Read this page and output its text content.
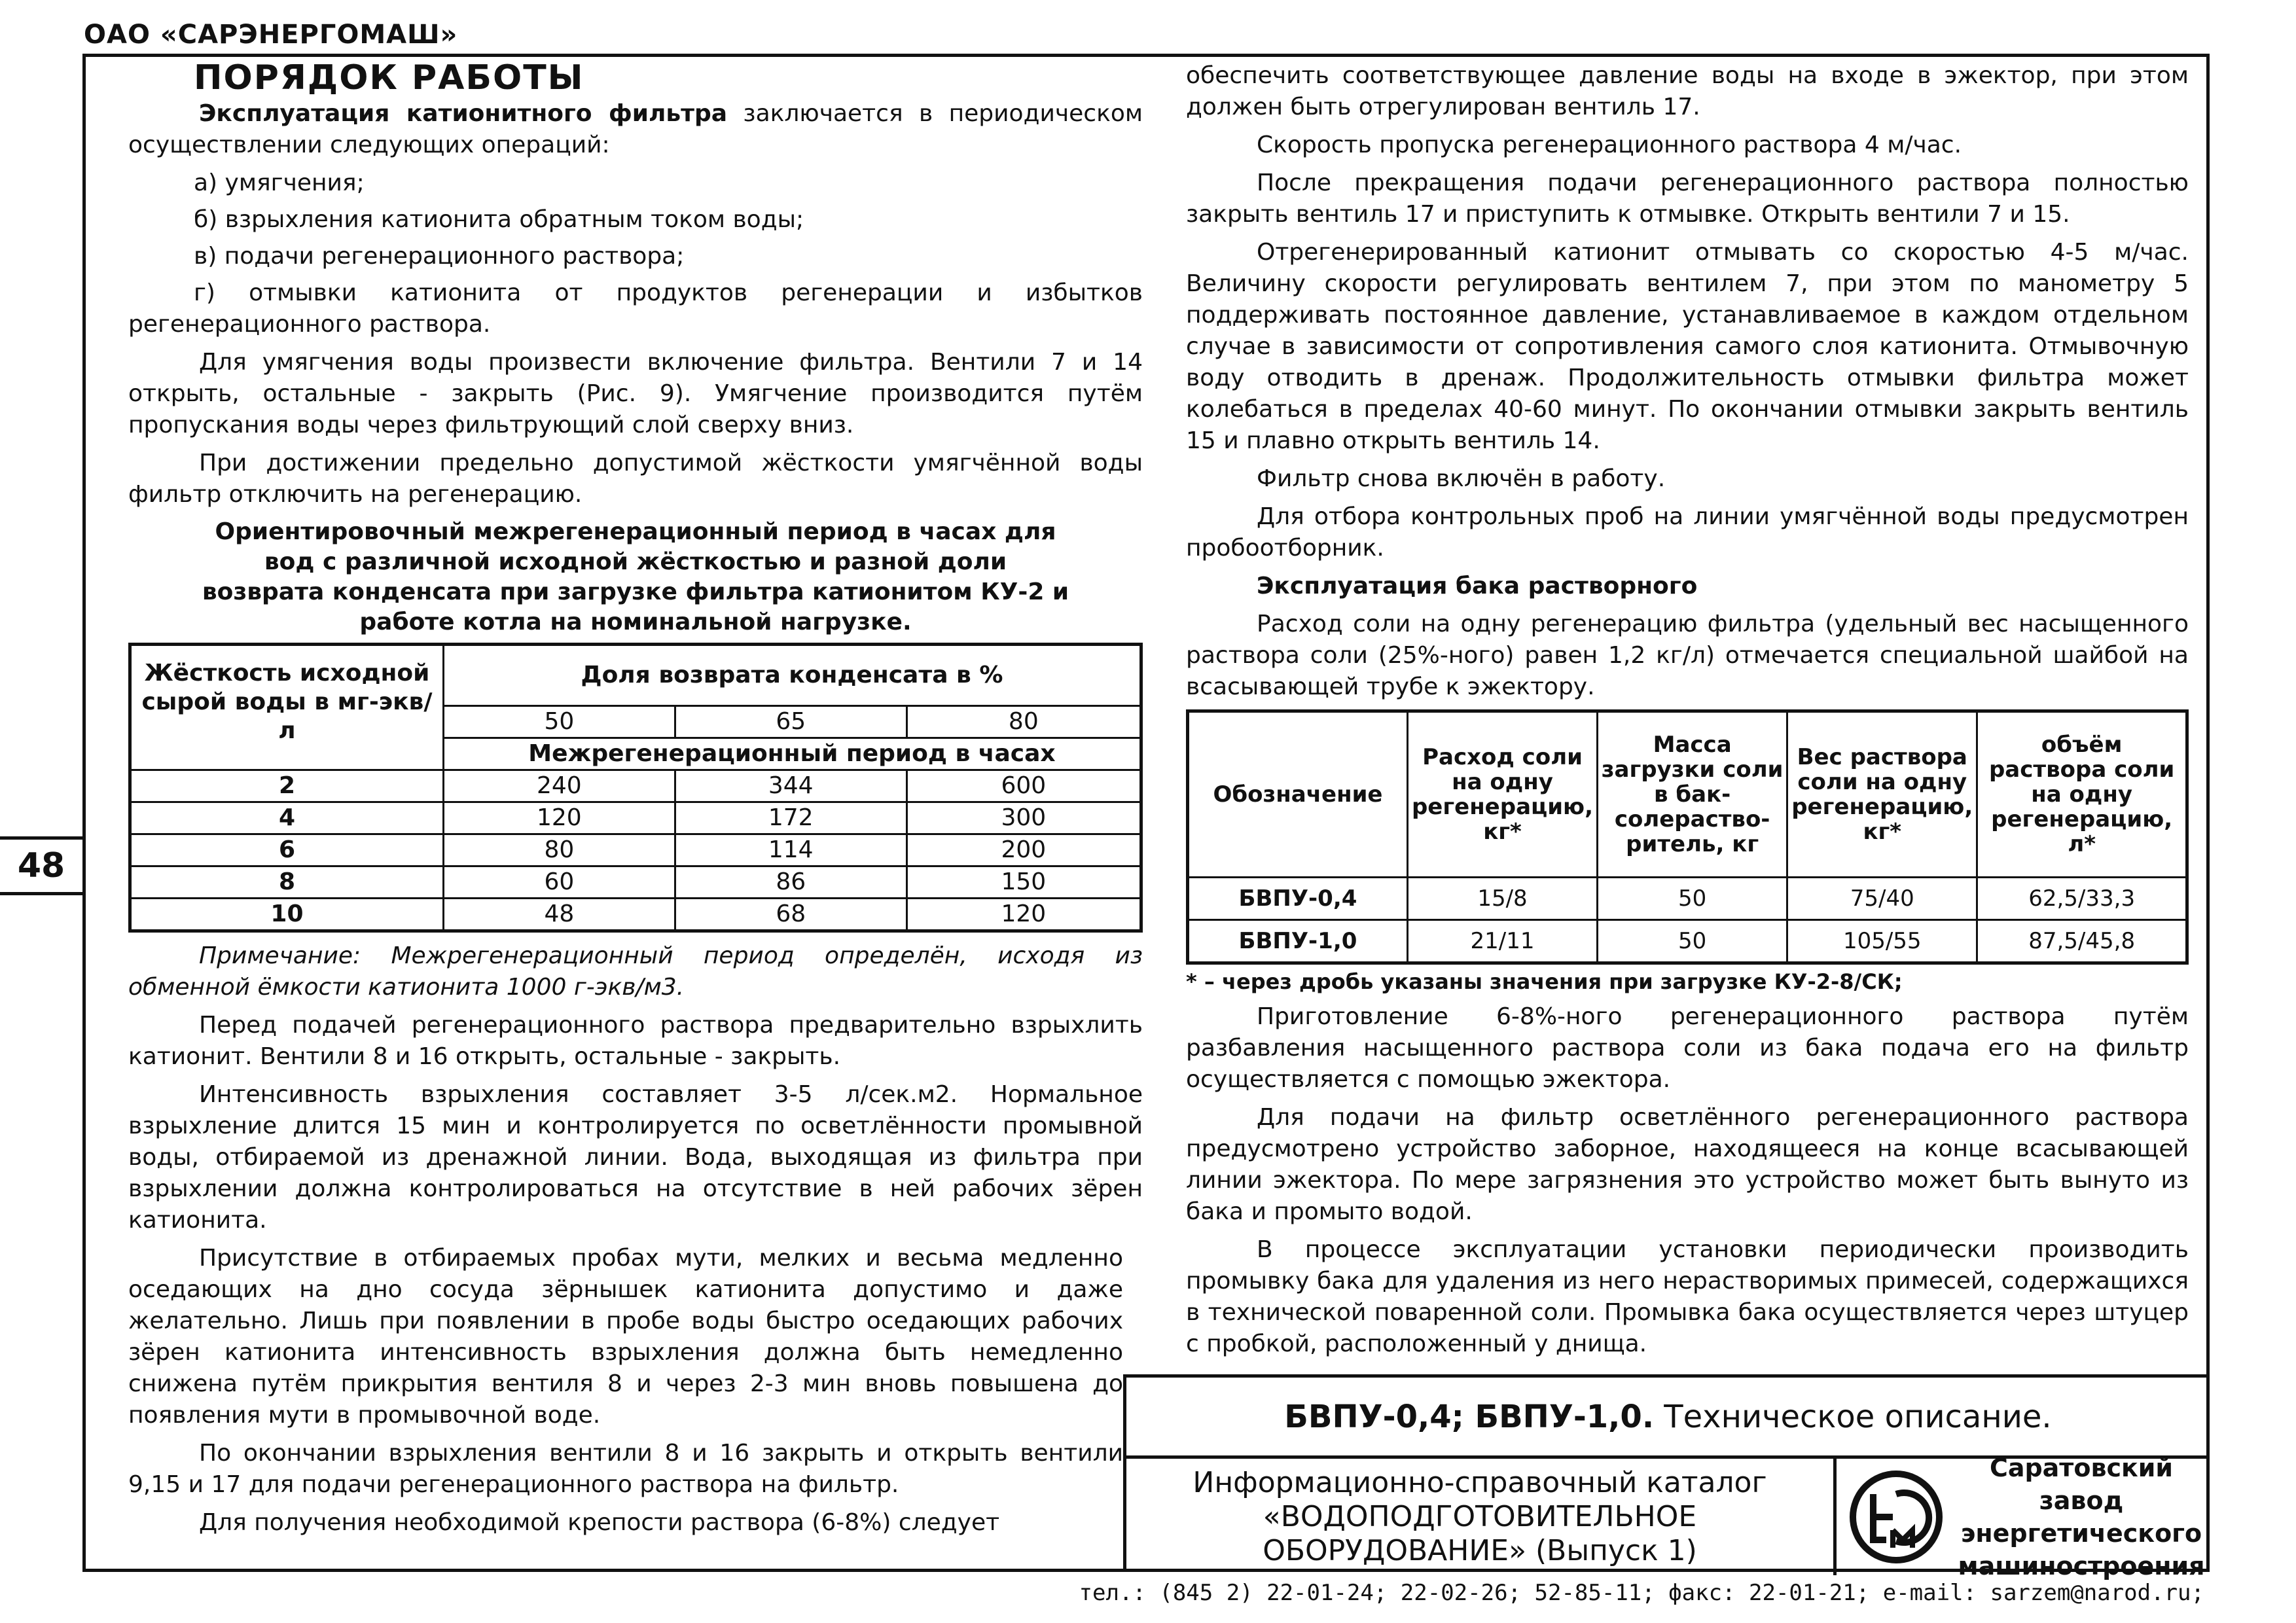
ОАО «САРЭНЕРГОМАШ»
48

ПОРЯДОК РАБОТЫ

Эксплуатация катионитного фильтра заключается в периодическом осуществлении следующих операций:

а) умягчения;

б) взрыхления катионита обратным током воды;

в) подачи регенерационного раствора;

г) отмывки катионита от продуктов регенерации и избытков регенерационного раствора.

Для умягчения воды произвести включение фильтра. Вентили 7 и 14 открыть, остальные - закрыть (Рис. 9). Умягчение производится путём пропускания воды через фильтрующий слой сверху вниз.

При достижении предельно допустимой жёсткости умягчённой воды фильтр отключить на регенерацию.

Ориентировочный межрегенерационный период в часах для вод с различной исходной жёсткостью и разной доли возврата конденсата при загрузке фильтра катионитом КУ-2 и работе котла на номинальной нагрузке.

Жёсткость исходной сырой воды в мг-экв/л	Доля возврата конденсата в %		
	50	65	80
	Межрегенерационный период в часах		
2	240	344	600
4	120	172	300
6	80	114	200
8	60	86	150
10	48	68	120

Примечание: Межрегенерационный период определён, исходя из обменной ёмкости катионита 1000 г-экв/м3.

Перед подачей регенерационного раствора предварительно взрыхлить катионит. Вентили 8 и 16 открыть, остальные - закрыть.

Интенсивность взрыхления составляет 3-5 л/сек.м2. Нормальное взрыхление длится 15 мин и контролируется по осветлённости промывной воды, отбираемой из дренажной линии. Вода, выходящая из фильтра при взрыхлении должна контролироваться на отсутствие в ней рабочих зёрен катионита.

Присутствие в отбираемых пробах мути, мелких и весьма медленно оседающих на дно сосуда зёрнышек катионита допустимо и даже желательно. Лишь при появлении в пробе воды быстро оседающих рабочих зёрен катионита интенсивность взрыхления должна быть немедленно снижена путём прикрытия вентиля 8 и через 2-3 мин вновь повышена до появления мути в промывочной воде.

По окончании взрыхления вентили 8 и 16 закрыть и открыть вентили 9,15 и 17 для подачи регенерационного раствора на фильтр.

Для получения необходимой крепости раствора (6-8%) следует

обеспечить соответствующее давление воды на входе в эжектор, при этом должен быть отрегулирован вентиль 17.

Скорость пропуска регенерационного раствора 4 м/час.

После прекращения подачи регенерационного раствора полностью закрыть вентиль 17 и приступить к отмывке. Открыть вентили 7 и 15.

Отрегенерированный катионит отмывать со скоростью 4-5 м/час. Величину скорости регулировать вентилем 7, при этом по манометру 5 поддерживать постоянное давление, устанавливаемое в каждом отдельном случае в зависимости от сопротивления самого слоя катионита. Отмывочную воду отводить в дренаж. Продолжительность отмывки фильтра может колебаться в пределах 40-60 минут. По окончании отмывки закрыть вентиль 15 и плавно открыть вентиль 14.

Фильтр снова включён в работу.

Для отбора контрольных проб на линии умягчённой воды предусмотрен пробоотборник.

Эксплуатация бака растворного

Расход соли на одну регенерацию фильтра (удельный вес насыщенного раствора соли (25%-ного) равен 1,2 кг/л) отмечается специальной шайбой на всасывающей трубе к эжектору.

Обозначение	Расход соли на одну регенерацию, кг*	Масса загрузки соли в бак-солераство-ритель, кг	Вес раствора соли на одну регенерацию, кг*	объём раствора соли на одну регенерацию, л*
БВПУ-0,4	15/8	50	75/40	62,5/33,3
БВПУ-1,0	21/11	50	105/55	87,5/45,8

* – через дробь указаны значения при загрузке КУ-2-8/СК;

Приготовление 6-8%-ного регенерационного раствора путём разбавления насыщенного раствора соли из бака подача его на фильтр осуществляется с помощью эжектора.

Для подачи на фильтр осветлённого регенерационного раствора предусмотрено устройство заборное, находящееся на конце всасывающей линии эжектора. По мере загрязнения это устройство может быть вынуто из бака и промыто водой.

В процессе эксплуатации установки периодически производить промывку бака для удаления из него нерастворимых примесей, содержащихся в технической поваренной соли. Промывка бака осуществляется через штуцер с пробкой, расположенный у днища.

БВПУ-0,4; БВПУ-1,0. Техническое описание.
Информационно-справочный каталог
«ВОДОПОДГОТОВИТЕЛЬНОЕ
ОБОРУДОВАНИЕ» (Выпуск 1)
Саратовский завод
энергетического
машиностроения
тел.: (845 2) 22-01-24; 22-02-26; 52-85-11; факс: 22-01-21; e-mail: sarzem@narod.ru;
